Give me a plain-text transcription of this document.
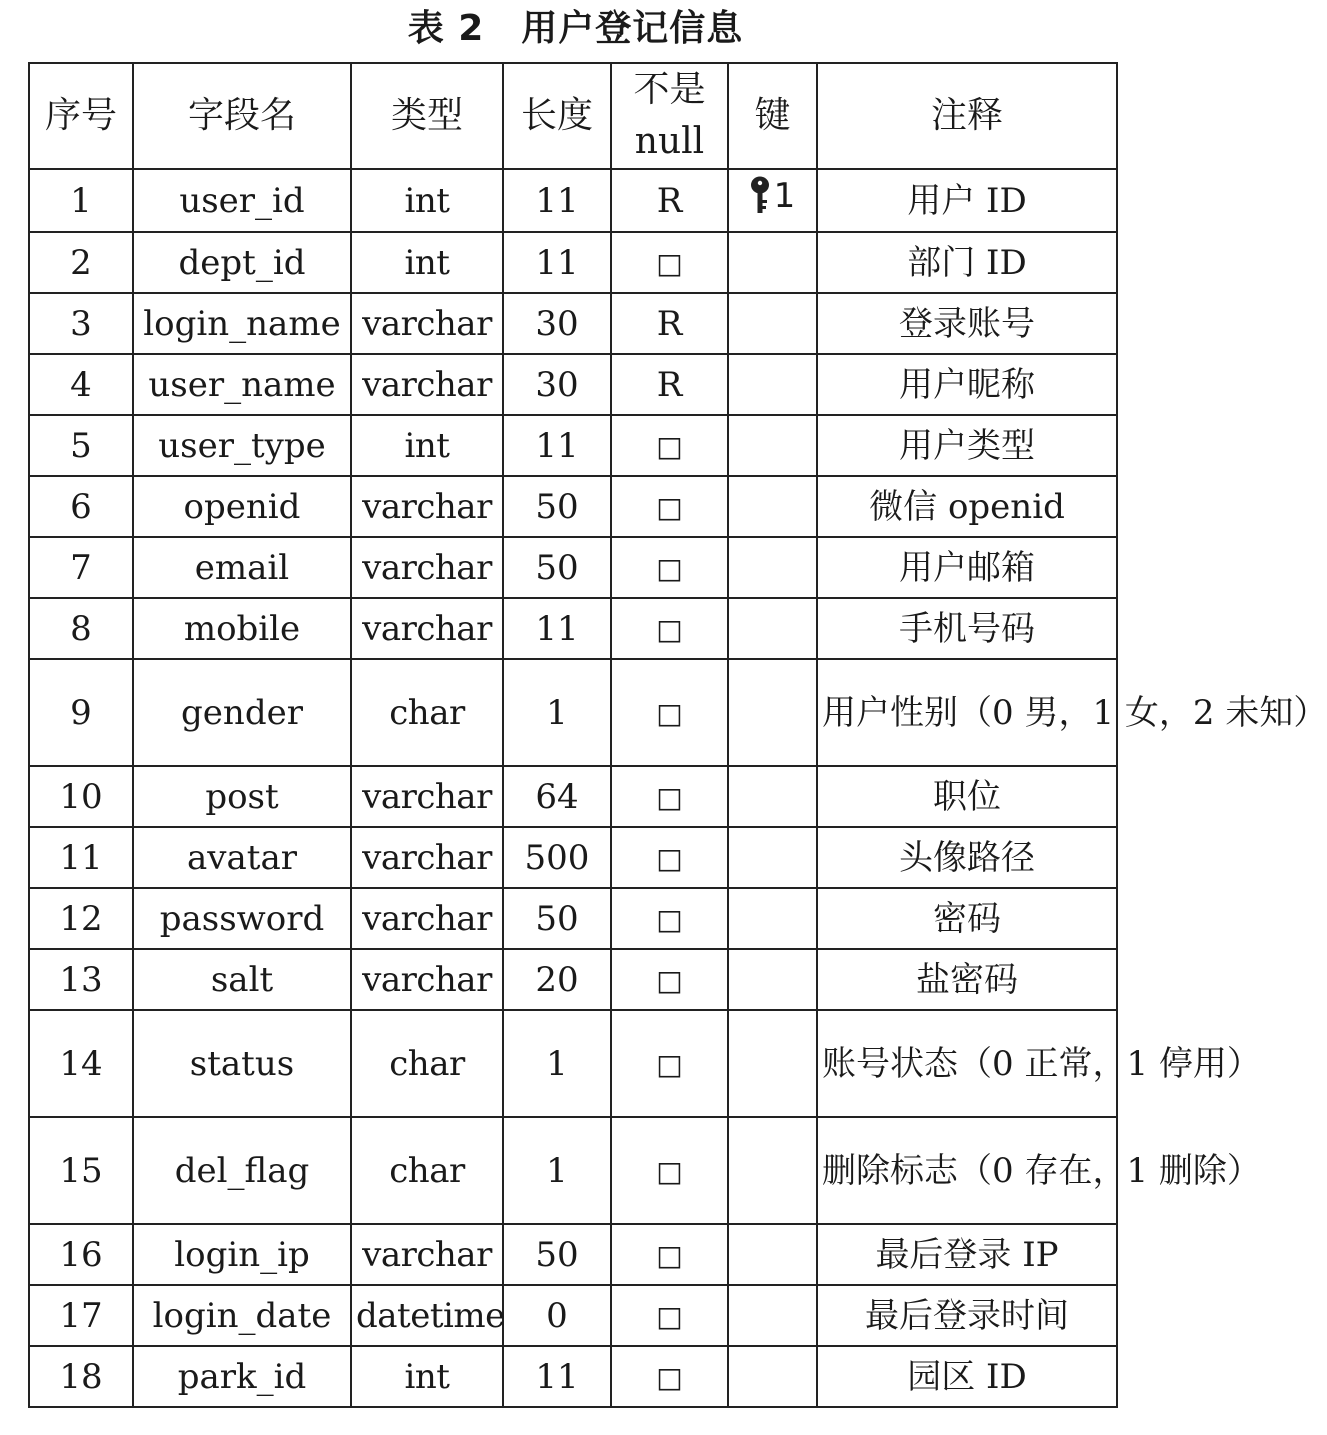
表 2　用户登记信息
序号	字段名	类型	长度	不是 null	键	注释
1	user_id	int	11	R	1	用户 ID
2	dept_id	int	11	□		部门 ID
3	login_name	varchar	30	R		登录账号
4	user_name	varchar	30	R		用户昵称
5	user_type	int	11	□		用户类型
6	openid	varchar	50	□		微信 openid
7	email	varchar	50	□		用户邮箱
8	mobile	varchar	11	□		手机号码
9	gender	char	1	□		用户性别（0 男，1 女，2 未知）
10	post	varchar	64	□		职位
11	avatar	varchar	500	□		头像路径
12	password	varchar	50	□		密码
13	salt	varchar	20	□		盐密码
14	status	char	1	□		账号状态（0 正常，1 停用）
15	del_flag	char	1	□		删除标志（0 存在，1 删除）
16	login_ip	varchar	50	□		最后登录 IP
17	login_date	datetime	0	□		最后登录时间
18	park_id	int	11	□		园区 ID
